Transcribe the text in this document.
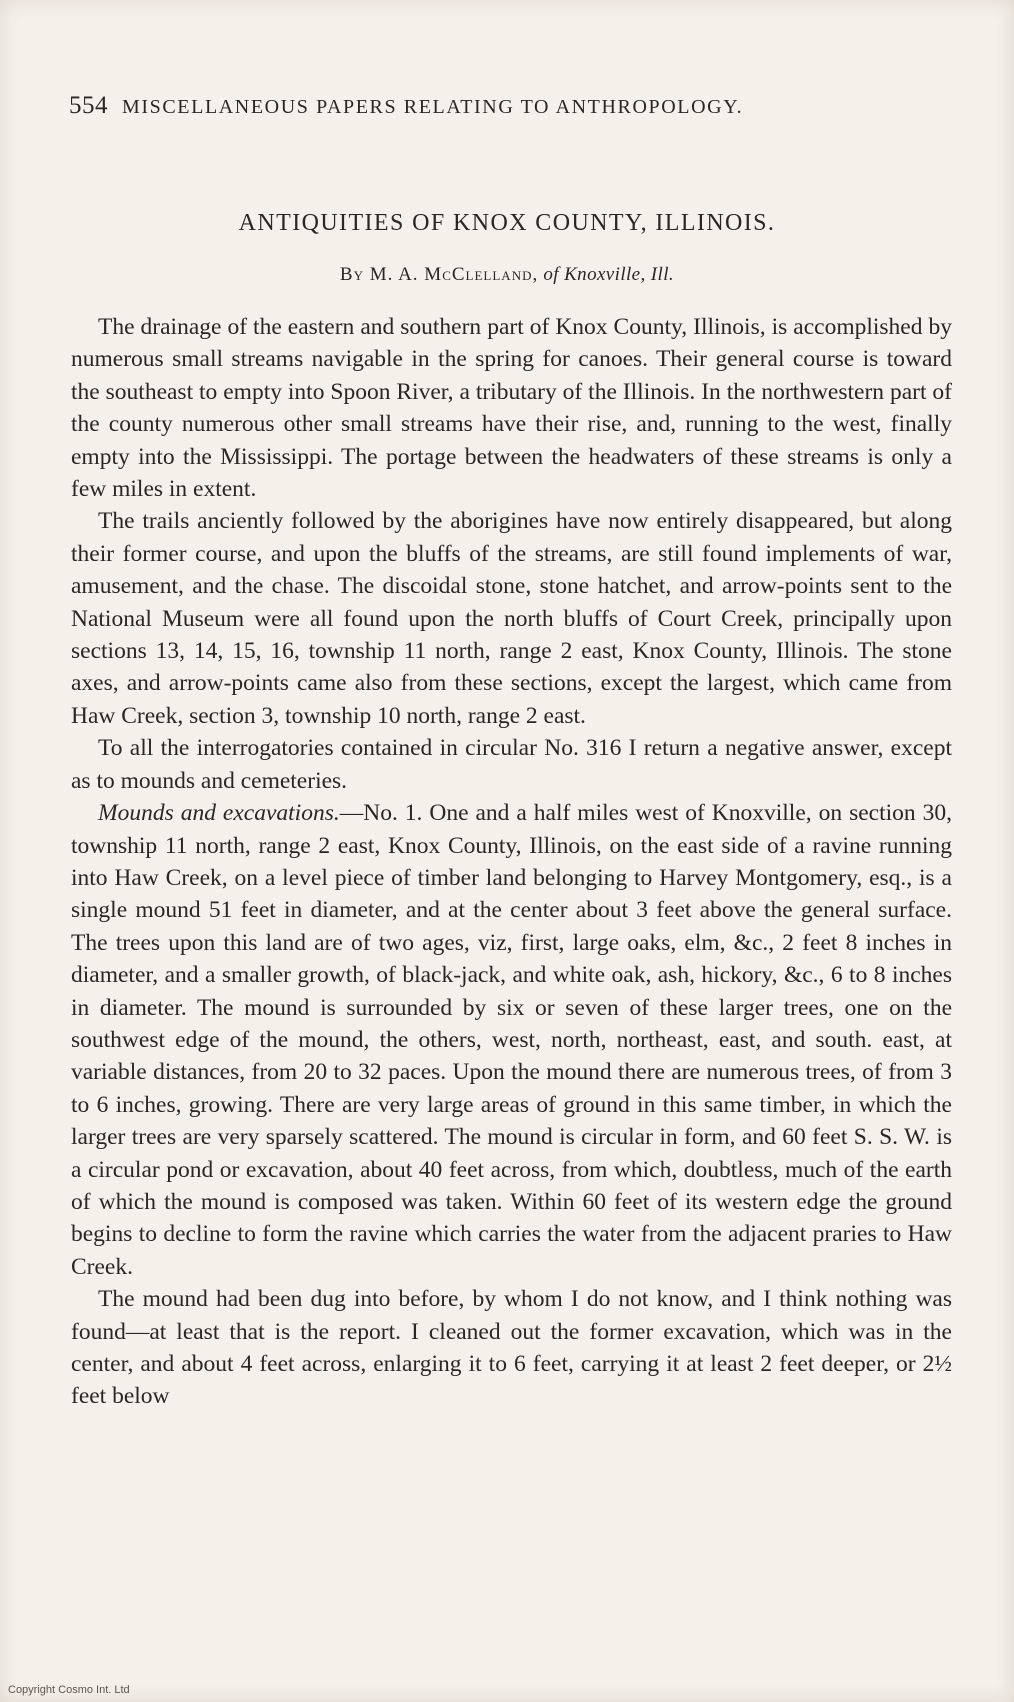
554 MISCELLANEOUS PAPERS RELATING TO ANTHROPOLOGY.
ANTIQUITIES OF KNOX COUNTY, ILLINOIS.
By M. A. McClelland, of Knoxville, Ill.

The drainage of the eastern and southern part of Knox County, Illinois, is accomplished by numerous small streams navigable in the spring for canoes. Their general course is toward the southeast to empty into Spoon River, a tributary of the Illinois. In the northwestern part of the county numerous other small streams have their rise, and, running to the west, finally empty into the Mississippi. The portage between the headwaters of these streams is only a few miles in extent.

The trails anciently followed by the aborigines have now entirely disappeared, but along their former course, and upon the bluffs of the streams, are still found implements of war, amusement, and the chase. The discoidal stone, stone hatchet, and arrow-points sent to the National Museum were all found upon the north bluffs of Court Creek, principally upon sections 13, 14, 15, 16, township 11 north, range 2 east, Knox County, Illinois. The stone axes, and arrow-points came also from these sections, except the largest, which came from Haw Creek, section 3, township 10 north, range 2 east.

To all the interrogatories contained in circular No. 316 I return a negative answer, except as to mounds and cemeteries.

Mounds and excavations.—No. 1. One and a half miles west of Knoxville, on section 30, township 11 north, range 2 east, Knox County, Illinois, on the east side of a ravine running into Haw Creek, on a level piece of timber land belonging to Harvey Montgomery, esq., is a single mound 51 feet in diameter, and at the center about 3 feet above the general surface. The trees upon this land are of two ages, viz, first, large oaks, elm, &c., 2 feet 8 inches in diameter, and a smaller growth, of black-jack, and white oak, ash, hickory, &c., 6 to 8 inches in diameter. The mound is surrounded by six or seven of these larger trees, one on the southwest edge of the mound, the others, west, north, northeast, east, and south. east, at variable distances, from 20 to 32 paces. Upon the mound there are numerous trees, of from 3 to 6 inches, growing. There are very large areas of ground in this same timber, in which the larger trees are very sparsely scattered. The mound is circular in form, and 60 feet S. S. W. is a circular pond or excavation, about 40 feet across, from which, doubtless, much of the earth of which the mound is composed was taken. Within 60 feet of its western edge the ground begins to decline to form the ravine which carries the water from the adjacent praries to Haw Creek.

The mound had been dug into before, by whom I do not know, and I think nothing was found—at least that is the report. I cleaned out the former excavation, which was in the center, and about 4 feet across, enlarging it to 6 feet, carrying it at least 2 feet deeper, or 2½ feet below

Copyright Cosmo Int. Ltd
